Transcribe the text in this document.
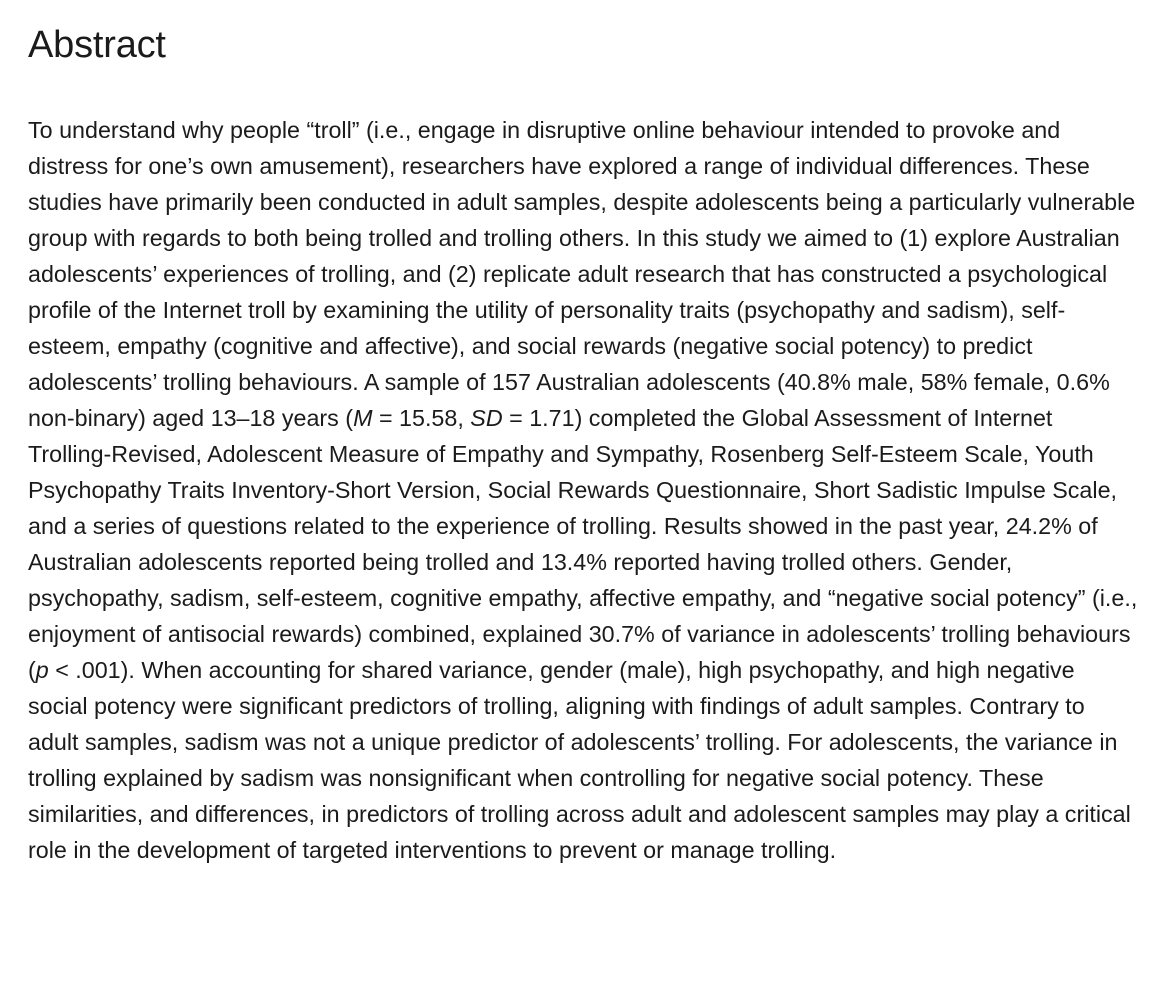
Abstract

To understand why people “troll” (i.e., engage in disruptive online behaviour intended to provoke and distress for one’s own amusement), researchers have explored a range of individual differences. These studies have primarily been conducted in adult samples, despite adolescents being a particularly vulnerable group with regards to both being trolled and trolling others. In this study we aimed to (1) explore Australian adolescents’ experiences of trolling, and (2) replicate adult research that has constructed a psychological profile of the Internet troll by examining the utility of personality traits (psychopathy and sadism), self-esteem, empathy (cognitive and affective), and social rewards (negative social potency) to predict adolescents’ trolling behaviours. A sample of 157 Australian adolescents (40.8% male, 58% female, 0.6% non-binary) aged 13–18 years (M = 15.58, SD = 1.71) completed the Global Assessment of Internet Trolling-Revised, Adolescent Measure of Empathy and Sympathy, Rosenberg Self-Esteem Scale, Youth Psychopathy Traits Inventory-Short Version, Social Rewards Questionnaire, Short Sadistic Impulse Scale, and a series of questions related to the experience of trolling. Results showed in the past year, 24.2% of Australian adolescents reported being trolled and 13.4% reported having trolled others. Gender, psychopathy, sadism, self-esteem, cognitive empathy, affective empathy, and “negative social potency” (i.e., enjoyment of antisocial rewards) combined, explained 30.7% of variance in adolescents’ trolling behaviours (p < .001). When accounting for shared variance, gender (male), high psychopathy, and high negative social potency were significant predictors of trolling, aligning with findings of adult samples. Contrary to adult samples, sadism was not a unique predictor of adolescents’ trolling. For adolescents, the variance in trolling explained by sadism was nonsignificant when controlling for negative social potency. These similarities, and differences, in predictors of trolling across adult and adolescent samples may play a critical role in the development of targeted interventions to prevent or manage trolling.
